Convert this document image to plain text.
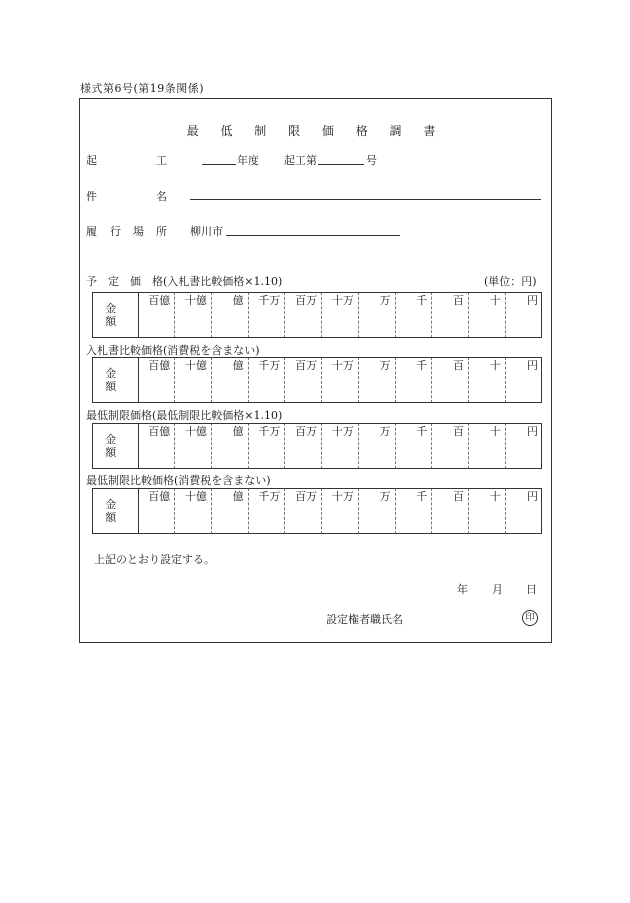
様式第6号(第19条関係)
最 低 制 限 価 格 調 書
起	工	年度 起工第	号
件	名
履 行 場 所 柳川市
(単位：円)
予　定　価　格(入札書比較価格×1.10)
金 額	百億	十億	億	千万	百万	十万	万	千	百	十	円
入札書比較価格(消費税を含まない)
金 額	百億	十億	億	千万	百万	十万	万	千	百	十	円
最低制限価格(最低制限比較価格×1.10)
金 額	百億	十億	億	千万	百万	十万	万	千	百	十	円
最低制限比較価格(消費税を含まない)
金 額	百億	十億	億	千万	百万	十万	万	千	百	十	円
上記のとおり設定する。
年 月 日
設定権者職氏名	印
